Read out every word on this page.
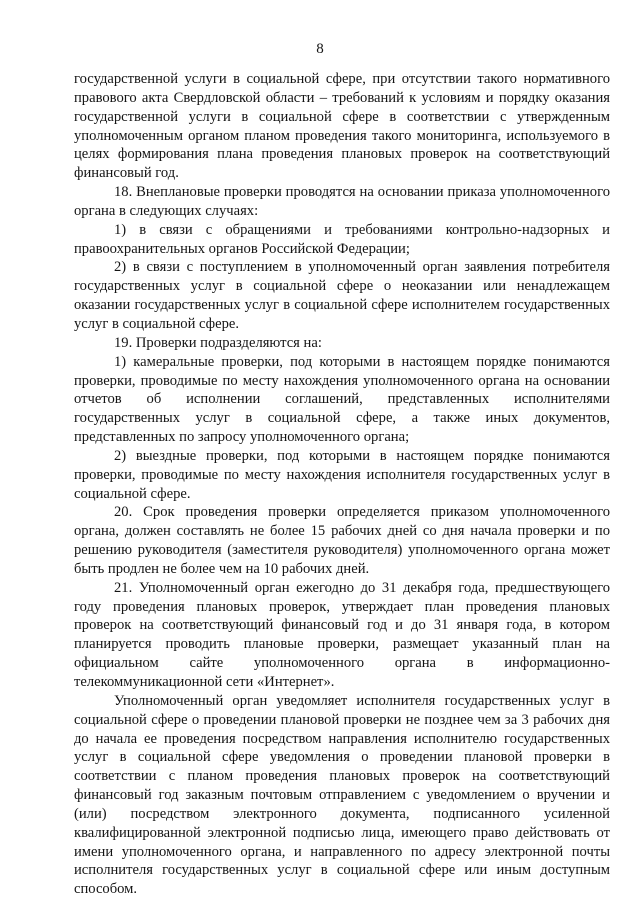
8

государственной услуги в социальной сфере, при отсутствии такого нормативного правового акта Свердловской области – требований к условиям и порядку оказания государственной услуги в социальной сфере в соответствии с утвержденным уполномоченным органом планом проведения такого мониторинга, используемого в целях формирования плана проведения плановых проверок на соответствующий финансовый год.

18. Внеплановые проверки проводятся на основании приказа уполномоченного органа в следующих случаях:

1) в связи с обращениями и требованиями контрольно-надзорных и правоохранительных органов Российской Федерации;

2) в связи с поступлением в уполномоченный орган заявления потребителя государственных услуг в социальной сфере о неоказании или ненадлежащем оказании государственных услуг в социальной сфере исполнителем государственных услуг в социальной сфере.

19. Проверки подразделяются на:

1) камеральные проверки, под которыми в настоящем порядке понимаются проверки, проводимые по месту нахождения уполномоченного органа на основании отчетов об исполнении соглашений, представленных исполнителями государственных услуг в социальной сфере, а также иных документов, представленных по запросу уполномоченного органа;

2) выездные проверки, под которыми в настоящем порядке понимаются проверки, проводимые по месту нахождения исполнителя государственных услуг в социальной сфере.

20. Срок проведения проверки определяется приказом уполномоченного органа, должен составлять не более 15 рабочих дней со дня начала проверки и по решению руководителя (заместителя руководителя) уполномоченного органа может быть продлен не более чем на 10 рабочих дней.

21. Уполномоченный орган ежегодно до 31 декабря года, предшествующего году проведения плановых проверок, утверждает план проведения плановых проверок на соответствующий финансовый год и до 31 января года, в котором планируется проводить плановые проверки, размещает указанный план на официальном сайте уполномоченного органа в информационно-телекоммуникационной сети «Интернет».

Уполномоченный орган уведомляет исполнителя государственных услуг в социальной сфере о проведении плановой проверки не позднее чем за 3 рабочих дня до начала ее проведения посредством направления исполнителю государственных услуг в социальной сфере уведомления о проведении плановой проверки в соответствии с планом проведения плановых проверок на соответствующий финансовый год заказным почтовым отправлением с уведомлением о вручении и (или) посредством электронного документа, подписанного усиленной квалифицированной электронной подписью лица, имеющего право действовать от имени уполномоченного органа, и направленного по адресу электронной почты исполнителя государственных услуг в социальной сфере или иным доступным способом.
